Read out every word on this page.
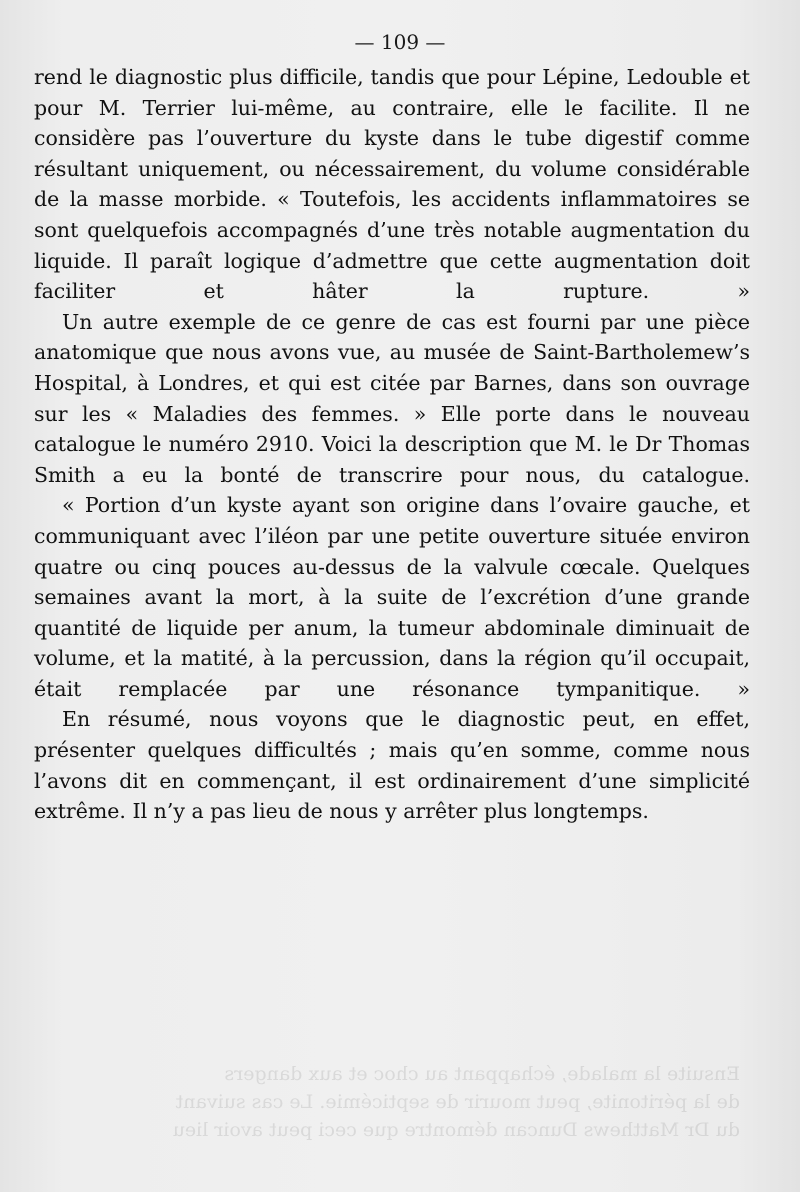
— 109 —

rend le diagnostic plus difficile, tandis que pour Lépine, Ledouble et pour M. Terrier lui-même, au contraire, elle le facilite. Il ne considère pas l’ouverture du kyste dans le tube digestif comme résultant uniquement, ou nécessairement, du volume considérable de la masse morbide. « Toutefois, les accidents inflammatoires se sont quelquefois accompagnés d’une très notable augmentation du liquide. Il paraît logique d’admettre que cette augmentation doit faciliter et hâter la rupture. »

Un autre exemple de ce genre de cas est fourni par une pièce anatomique que nous avons vue, au musée de Saint-Bartholemew’s Hospital, à Londres, et qui est citée par Barnes, dans son ouvrage sur les « Maladies des femmes. » Elle porte dans le nouveau catalogue le numéro 2910. Voici la description que M. le Dr Thomas Smith a eu la bonté de transcrire pour nous, du catalogue.

« Portion d’un kyste ayant son origine dans l’ovaire gauche, et communiquant avec l’iléon par une petite ouverture située environ quatre ou cinq pouces au-dessus de la valvule cœcale. Quelques semaines avant la mort, à la suite de l’excrétion d’une grande quantité de liquide per anum, la tumeur abdominale diminuait de volume, et la matité, à la percussion, dans la région qu’il occupait, était remplacée par une résonance tympanitique. »

En résumé, nous voyons que le diagnostic peut, en effet, présenter quelques difficultés ; mais qu’en somme, comme nous l’avons dit en commençant, il est ordinairement d’une simplicité extrême. Il n’y a pas lieu de nous y arrêter plus longtemps.

Ensuite la malade, échappant au choc et aux dangers
de la péritonite, peut mourir de septicémie. Le cas suivant
du Dr Matthews Duncan démontre que ceci peut avoir lieu
